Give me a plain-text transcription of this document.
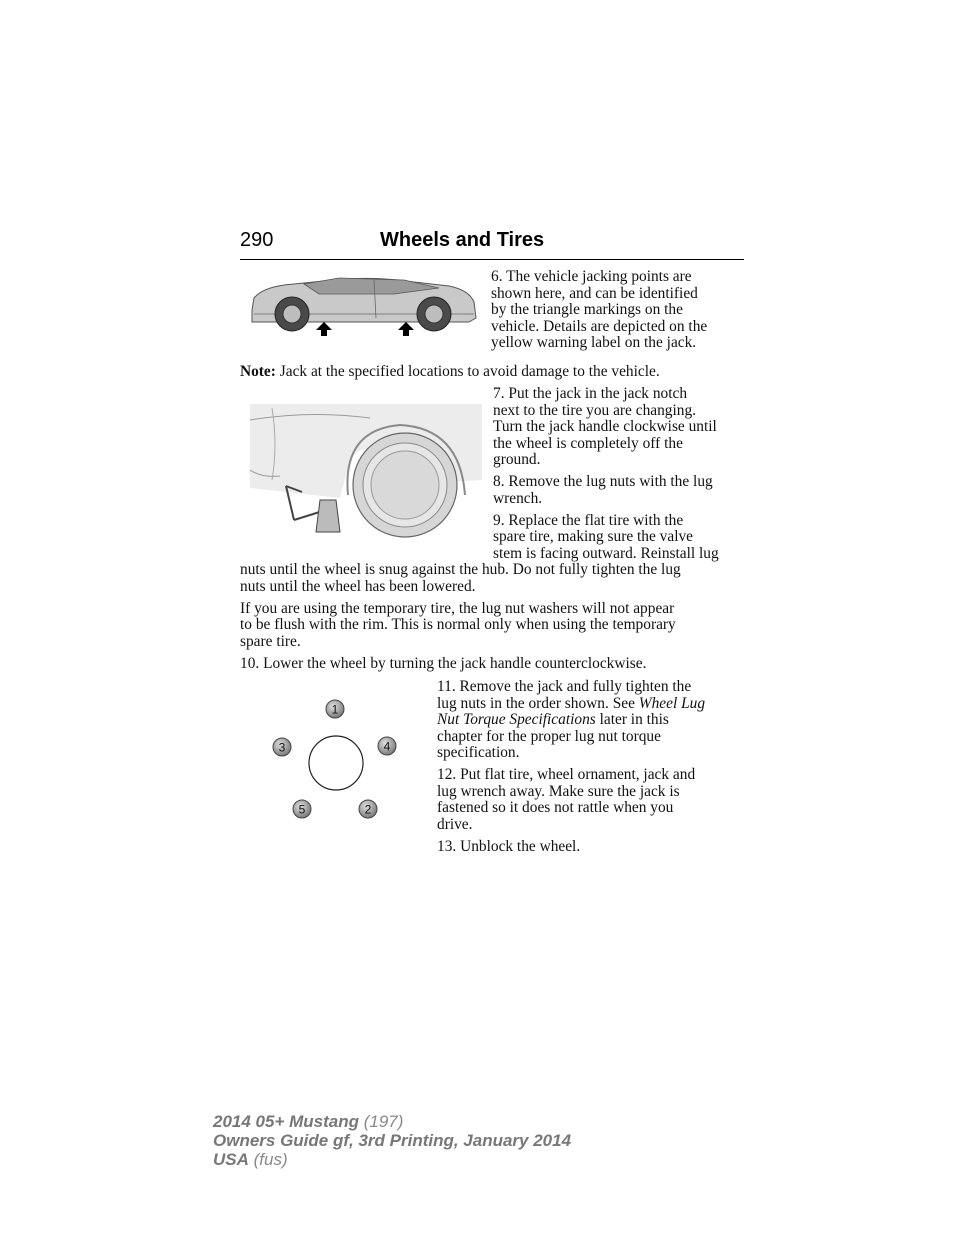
290	Wheels and Tires
6. The vehicle jacking points are
shown here, and can be identified
by the triangle markings on the
vehicle. Details are depicted on the
yellow warning label on the jack.
Note: Jack at the specified locations to avoid damage to the vehicle.
7. Put the jack in the jack notch
next to the tire you are changing.
Turn the jack handle clockwise until
the wheel is completely off the
ground.
8. Remove the lug nuts with the lug
wrench.
9. Replace the flat tire with the
spare tire, making sure the valve
stem is facing outward. Reinstall lug
nuts until the wheel is snug against the hub. Do not fully tighten the lug
nuts until the wheel has been lowered.
If you are using the temporary tire, the lug nut washers will not appear
to be flush with the rim. This is normal only when using the temporary
spare tire.
10. Lower the wheel by turning the jack handle counterclockwise.
1
2
3	4
5
11. Remove the jack and fully tighten the
lug nuts in the order shown. See Wheel Lug
Nut Torque Specifications later in this
chapter for the proper lug nut torque
specification.
12. Put flat tire, wheel ornament, jack and
lug wrench away. Make sure the jack is
fastened so it does not rattle when you
drive.
13. Unblock the wheel.
2014 05+ Mustang (197)
Owners Guide gf, 3rd Printing, January 2014
USA (fus)
